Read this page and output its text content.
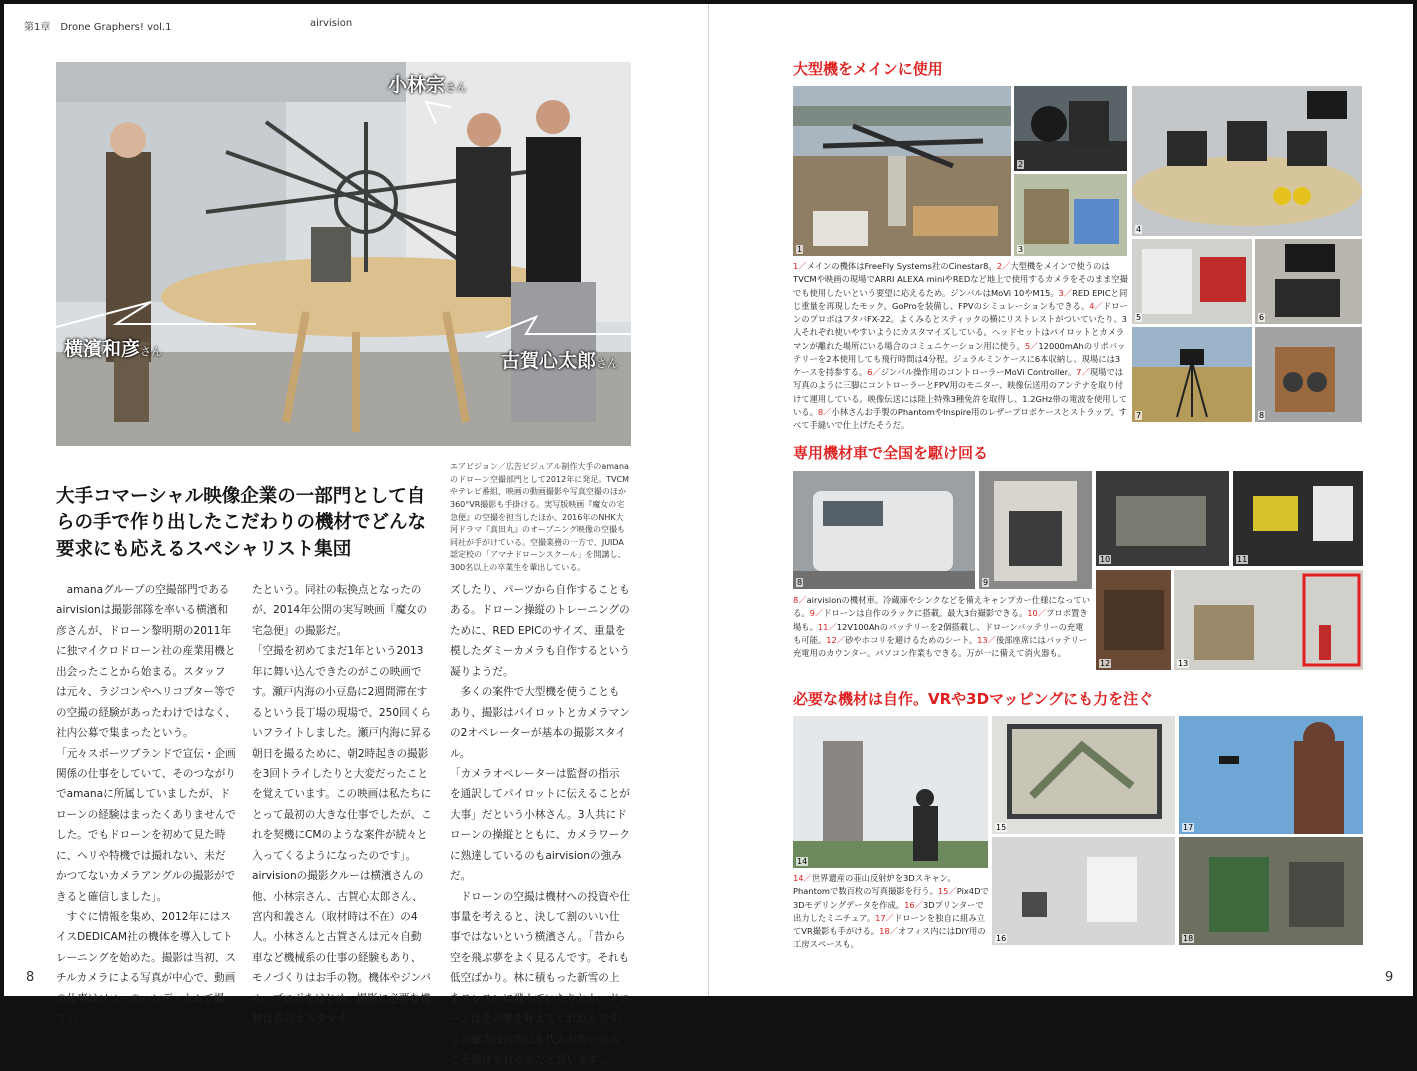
第1章　Drone Graphers! vol.1	airvision
小林宗さん
横濱和彦さん	古賀心太郎さん
大手コマーシャル映像企業の一部門として自らの手で作り出したこだわりの機材でどんな要求にも応えるスペシャリスト集団
エアビジョン／広告ビジュアル制作大手のamanaのドローン空撮部門として2012年に発足。TVCMやテレビ番組、映画の動画撮影や写真空撮のほか360°VR撮影も手掛ける。実写版映画『魔女の宅急便』の空撮を担当したほか、2016年のNHK大河ドラマ『真田丸』のオープニング映像の空撮も同社が手がけている。空撮業務の一方で、JUIDA認定校の「アマナドローンスクール」を開講し、300名以上の卒業生を輩出している。
　amanaグループの空撮部門であるairvisionは撮影部隊を率いる横濱和彦さんが、ドローン黎明期の2011年に独マイクロドローン社の産業用機と出会ったことから始まる。スタッフは元々、ラジコンやヘリコプター等での空撮の経験があったわけではなく、社内公募で集まったという。
「元々スポーツブランドで宣伝・企画関係の仕事をしていて、そのつながりでamanaに所属していましたが、ドローンの経験はまったくありませんでした。でもドローンを初めて見た時に、ヘリや特機では撮れない、未だかつてないカメラアングルの撮影ができると確信しました」。
　すぐに情報を集め、2012年にはスイスDEDICAM社の機体を導入してトレーニングを始めた。撮影は当初、スチルカメラによる写真が中心で、動画の仕事はソニーのハンディカムで撮ってい
たという。同社の転換点となったのが、2014年公開の実写映画『魔女の宅急便』の撮影だ。
「空撮を初めてまだ1年という2013年に舞い込んできたのがこの映画です。瀬戸内海の小豆島に2週間滞在するという長丁場の現場で、250回くらいフライトしました。瀬戸内海に昇る朝日を撮るために、朝2時起きの撮影を3回トライしたりと大変だったことを覚えています。この映画は私たちにとって最初の大きな仕事でしたが、これを契機にCMのような案件が続々と入ってくるようになったのです」。
airvisionの撮影クルーは横濱さんの他、小林宗さん、古賀心太郎さん、宮内和義さん（取材時は不在）の4人。小林さんと古賀さんは元々自動車など機械系の仕事の経験もあり、モノづくりはお手の物。機体やジンバル、プロポをはじめ、撮影に必要な機材は各自カスタマイ
ズしたり、パーツから自作することもある。ドローン操縦のトレーニングのために、RED EPICのサイズ、重量を模したダミーカメラも自作するという凝りようだ。
　多くの案件で大型機を使うこともあり、撮影はパイロットとカメラマンの2オペレーターが基本の撮影スタイル。
「カメラオペレーターは監督の指示を通訳してパイロットに伝えることが大事」だという小林さん。3人共にドローンの操縦とともに、カメラワークに熟達しているのもairvisionの強みだ。
　ドローンの空撮は機材への投資や仕事量を考えると、決して割のいい仕事ではないという横濱さん。「昔から空を飛ぶ夢をよく見るんです。それも低空ばかり。林に積もった新雪の上をスレスレに飛んでいたりとか。ドローンはその夢を叶えてくれたんです。この魅力は何物にも代えがたいからこそ続けられるのだと思います」。
8
大型機をメインに使用
1
2
3
4
5	6
7	8
1／メインの機体はFreeFly Systems社のCinestar8。2／大型機をメインで使うのはTVCMや映画の現場でARRI ALEXA miniやREDなど地上で使用するカメラをそのまま空撮でも使用したいという要望に応えるため。ジンバルはMoVi 10やM15。3／RED EPICと同じ重量を再現したモック。GoProを装備し、FPVのシミュレーションもできる。4／ドローンのプロポはフタバFX-22。よくみるとスティックの横にリストレストがついていたり、3人それぞれ使いやすいようにカスタマイズしている。ヘッドセットはパイロットとカメラマンが離れた場所にいる場合のコミュニケーション用に使う。5／12000mAhのリポバッテリーを2本使用しても飛行時間は4分程。ジュラルミンケースに6本収納し、現場には3ケースを持参する。6／ジンバル操作用のコントローラーMoVi Controller。7／現場では写真のように三脚にコントローラーとFPV用のモニター、映像伝送用のアンテナを取り付けて運用している。映像伝送には陸上特殊3種免許を取得し、1.2GHz帯の電波を使用している。8／小林さんお手製のPhantomやInspire用のレザープロポケースとストラップ。すべて手縫いで仕上げたそうだ。
専用機材車で全国を駆け回る
8	9
10	11
12	13
8／airvisionの機材車。冷蔵庫やシンクなどを備えキャンプカー仕様になっている。9／ドローンは自作のラックに搭載。最大3台撮影できる。10／プロポ置き場も。11／12V100Ahのバッテリーを2個搭載し、ドローンバッテリーの充電も可能。12／砂やホコリを避けるためのシート。13／後部座席にはバッテリー充電用のカウンター。パソコン作業もできる。万が一に備えて消火器も。
必要な機材は自作。VRや3Dマッピングにも力を注ぐ
14
15
16
17
18
14／世界遺産の韮山反射炉を3Dスキャン。Phantomで数百枚の写真撮影を行う。15／Pix4Dで3Dモデリングデータを作成。16／3Dプリンターで出力したミニチュア。17／ドローンを独自に組み立てVR撮影も手がける。18／オフィス内にはDIY用の工房スペースも。
9
